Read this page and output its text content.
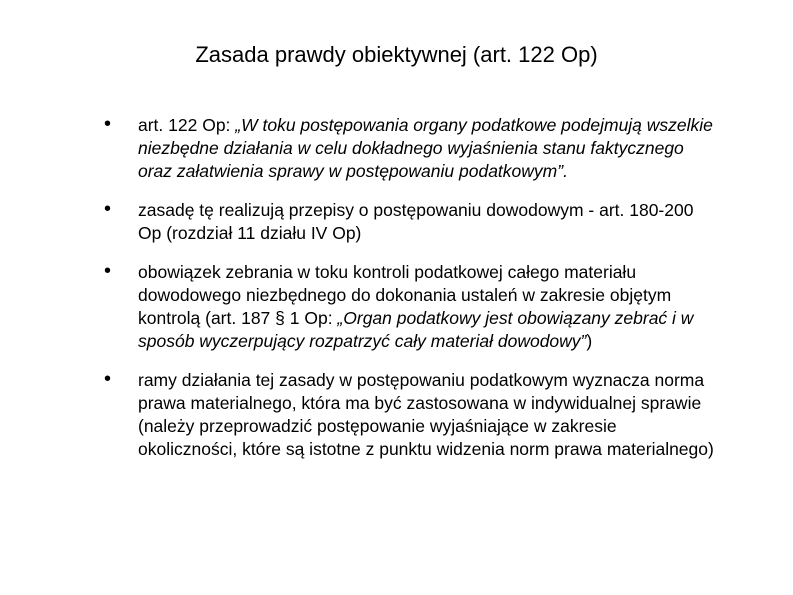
Zasada prawdy obiektywnej (art. 122 Op)
• art. 122 Op: „W toku postępowania organy podatkowe podejmują wszelkie niezbędne działania w celu dokładnego wyjaśnienia stanu faktycznego oraz załatwienia sprawy w postępowaniu podatkowym”.
• zasadę tę realizują przepisy o postępowaniu dowodowym - art. 180-200 Op (rozdział 11 działu IV Op)
• obowiązek zebrania w toku kontroli podatkowej całego materiału dowodowego niezbędnego do dokonania ustaleń w zakresie objętym kontrolą (art. 187 § 1 Op: „Organ podatkowy jest obowiązany zebrać i w sposób wyczerpujący rozpatrzyć cały materiał dowodowy”)
• ramy działania tej zasady w postępowaniu podatkowym wyznacza norma prawa materialnego, która ma być zastosowana w indywidualnej sprawie (należy przeprowadzić postępowanie wyjaśniające w zakresie okoliczności, które są istotne z punktu widzenia norm prawa materialnego)
